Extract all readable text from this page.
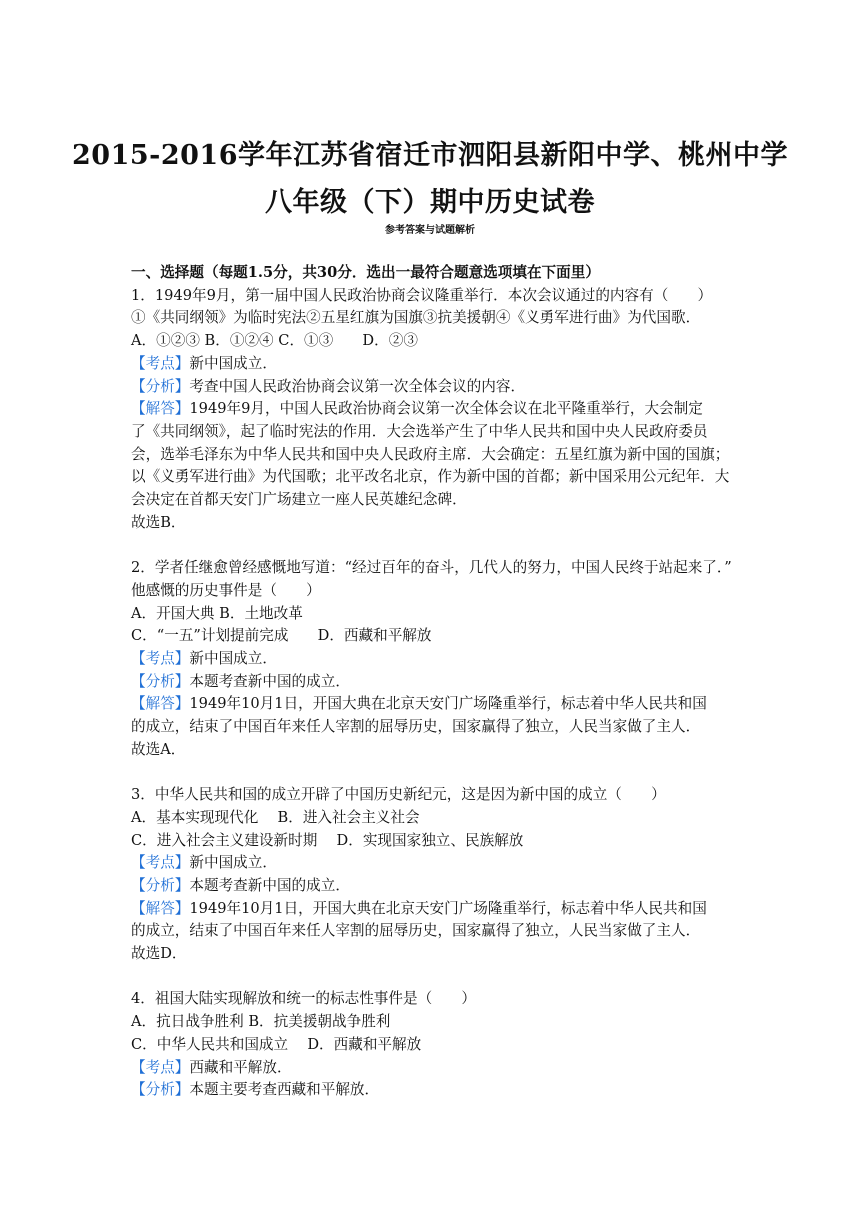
2015-2016学年江苏省宿迁市泗阳县新阳中学、桃州中学
八年级（下）期中历史试卷
参考答案与试题解析
一、选择题（每题1.5分，共30分．选出一最符合题意选项填在下面里）
1．1949年9月，第一届中国人民政治协商会议隆重举行．本次会议通过的内容有（　　）
①《共同纲领》为临时宪法②五星红旗为国旗③抗美援朝④《义勇军进行曲》为代国歌．
A．①②③ B．①②④ C．①③　　D．②③
【考点】新中国成立．
【分析】考查中国人民政治协商会议第一次全体会议的内容．
【解答】1949年9月，中国人民政治协商会议第一次全体会议在北平隆重举行，大会制定
了《共同纲领》，起了临时宪法的作用．大会选举产生了中华人民共和国中央人民政府委员
会，选举毛泽东为中华人民共和国中央人民政府主席．大会确定：五星红旗为新中国的国旗；
以《义勇军进行曲》为代国歌；北平改名北京，作为新中国的首都；新中国采用公元纪年．大
会决定在首都天安门广场建立一座人民英雄纪念碑．
故选B．
2．学者任继愈曾经感慨地写道：“经过百年的奋斗，几代人的努力，中国人民终于站起来了．”
他感慨的历史事件是（　　）
A．开国大典 B．土地改革
C．“一五”计划提前完成　　D．西藏和平解放
【考点】新中国成立．
【分析】本题考查新中国的成立．
【解答】1949年10月1日，开国大典在北京天安门广场隆重举行，标志着中华人民共和国
的成立，结束了中国百年来任人宰割的屈辱历史，国家赢得了独立，人民当家做了主人．
故选A．
3．中华人民共和国的成立开辟了中国历史新纪元，这是因为新中国的成立（　　）
A．基本实现现代化　 B．进入社会主义社会
C．进入社会主义建设新时期　 D．实现国家独立、民族解放
【考点】新中国成立．
【分析】本题考查新中国的成立．
【解答】1949年10月1日，开国大典在北京天安门广场隆重举行，标志着中华人民共和国
的成立，结束了中国百年来任人宰割的屈辱历史，国家赢得了独立，人民当家做了主人．
故选D．
4．祖国大陆实现解放和统一的标志性事件是（　　）
A．抗日战争胜利 B．抗美援朝战争胜利
C．中华人民共和国成立　 D．西藏和平解放
【考点】西藏和平解放．
【分析】本题主要考查西藏和平解放．
